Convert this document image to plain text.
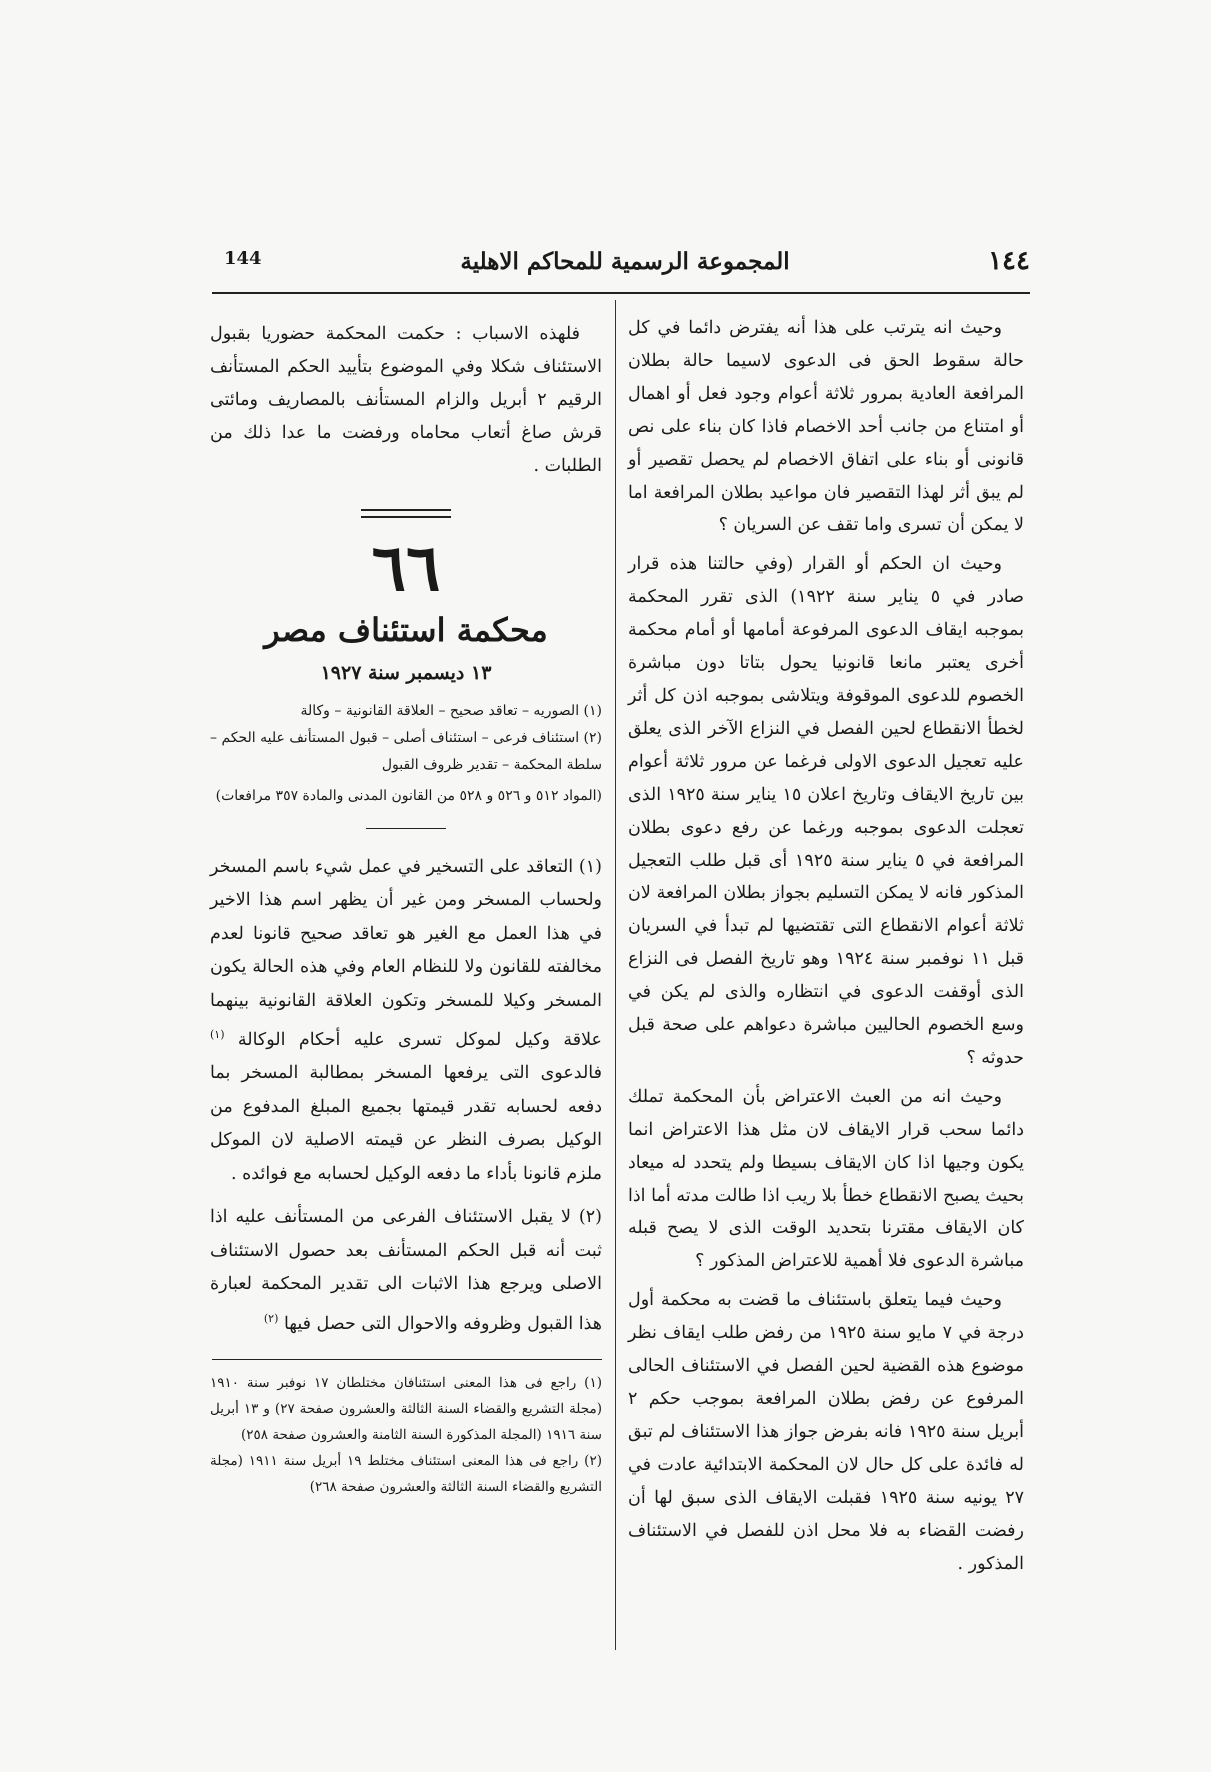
١٤٤
المجموعة الرسمية للمحاكم الاهلية
144

وحيث انه يترتب على هذا أنه يفترض دائما في كل حالة سقوط الحق فى الدعوى لاسيما حالة بطلان المرافعة العادية بمرور ثلاثة أعوام وجود فعل أو اهمال أو امتناع من جانب أحد الاخصام فاذا كان بناء على نص قانونى أو بناء على اتفاق الاخصام لم يحصل تقصير أو لم يبق أثر لهذا التقصير فان مواعيد بطلان المرافعة اما لا يمكن أن تسرى واما تقف عن السريان ؟

وحيث ان الحكم أو القرار (وفي حالتنا هذه قرار صادر في ٥ يناير سنة ١٩٢٢) الذى تقرر المحكمة بموجبه ايقاف الدعوى المرفوعة أمامها أو أمام محكمة أخرى يعتبر مانعا قانونيا يحول بتاتا دون مباشرة الخصوم للدعوى الموقوفة ويتلاشى بموجبه اذن كل أثر لخطأ الانقطاع لحين الفصل في النزاع الآخر الذى يعلق عليه تعجيل الدعوى الاولى فرغما عن مرور ثلاثة أعوام بين تاريخ الايقاف وتاريخ اعلان ١٥ يناير سنة ١٩٢٥ الذى تعجلت الدعوى بموجبه ورغما عن رفع دعوى بطلان المرافعة في ٥ يناير سنة ١٩٢٥ أى قبل طلب التعجيل المذكور فانه لا يمكن التسليم بجواز بطلان المرافعة لان ثلاثة أعوام الانقطاع التى تقتضيها لم تبدأ في السريان قبل ١١ نوفمبر سنة ١٩٢٤ وهو تاريخ الفصل فى النزاع الذى أوقفت الدعوى في انتظاره والذى لم يكن في وسع الخصوم الحاليين مباشرة دعواهم على صحة قبل حدوثه ؟

وحيث انه من العبث الاعتراض بأن المحكمة تملك دائما سحب قرار الايقاف لان مثل هذا الاعتراض انما يكون وجيها اذا كان الايقاف بسيطا ولم يتحدد له ميعاد بحيث يصبح الانقطاع خطأ بلا ريب اذا طالت مدته أما اذا كان الايقاف مقترنا بتحديد الوقت الذى لا يصح قبله مباشرة الدعوى فلا أهمية للاعتراض المذكور ؟

وحيث فيما يتعلق باستئناف ما قضت به محكمة أول درجة في ٧ مايو سنة ١٩٢٥ من رفض طلب ايقاف نظر موضوع هذه القضية لحين الفصل في الاستئناف الحالى المرفوع عن رفض بطلان المرافعة بموجب حكم ٢ أبريل سنة ١٩٢٥ فانه بفرض جواز هذا الاستئناف لم تبق له فائدة على كل حال لان المحكمة الابتدائية عادت في ٢٧ يونيه سنة ١٩٢٥ فقبلت الايقاف الذى سبق لها أن رفضت القضاء به فلا محل اذن للفصل في الاستئناف المذكور .

فلهذه الاسباب : حكمت المحكمة حضوريا بقبول الاستئناف شكلا وفي الموضوع بتأييد الحكم المستأنف الرقيم ٢ أبريل والزام المستأنف بالمصاريف ومائتى قرش صاغ أتعاب محاماه ورفضت ما عدا ذلك من الطلبات .

٦٦
محكمة استئناف مصر
١٣ ديسمبر سنة ١٩٢٧

(١) الصوريه – تعاقد صحيح – العلاقة القانونية – وكالة

(٢) استئناف فرعى – استئناف أصلى – قبول المستأنف عليه الحكم – سلطة المحكمة – تقدير ظروف القبول

(المواد ٥١٢ و ٥٢٦ و ٥٢٨ من القانون المدنى والمادة ٣٥٧ مرافعات)

(١) التعاقد على التسخير في عمل شيء باسم المسخر ولحساب المسخر ومن غير أن يظهر اسم هذا الاخير في هذا العمل مع الغير هو تعاقد صحيح قانونا لعدم مخالفته للقانون ولا للنظام العام وفي هذه الحالة يكون المسخر وكيلا للمسخر وتكون العلاقة القانونية بينهما علاقة وكيل لموكل تسرى عليه أحكام الوكالة $^{(١)}$ فالدعوى التى يرفعها المسخر بمطالبة المسخر بما دفعه لحسابه تقدر قيمتها بجميع المبلغ المدفوع من الوكيل بصرف النظر عن قيمته الاصلية لان الموكل ملزم قانونا بأداء ما دفعه الوكيل لحسابه مع فوائده .

(٢) لا يقبل الاستئناف الفرعى من المستأنف عليه اذا ثبت أنه قبل الحكم المستأنف بعد حصول الاستئناف الاصلى ويرجع هذا الاثبات الى تقدير المحكمة لعبارة هذا القبول وظروفه والاحوال التى حصل فيها $^{(٢)}$

(١) راجع فى هذا المعنى استئنافان مختلطان ١٧ نوفبر سنة ١٩١٠ (مجلة التشريع والقضاء السنة الثالثة والعشرون صفحة ٢٧) و ١٣ أبريل سنة ١٩١٦ (المجلة المذكورة السنة الثامنة والعشرون صفحة ٢٥٨)

(٢) راجع فى هذا المعنى استئناف مختلط ١٩ أبريل سنة ١٩١١ (مجلة التشريع والقضاء السنة الثالثة والعشرون صفحة ٢٦٨)
